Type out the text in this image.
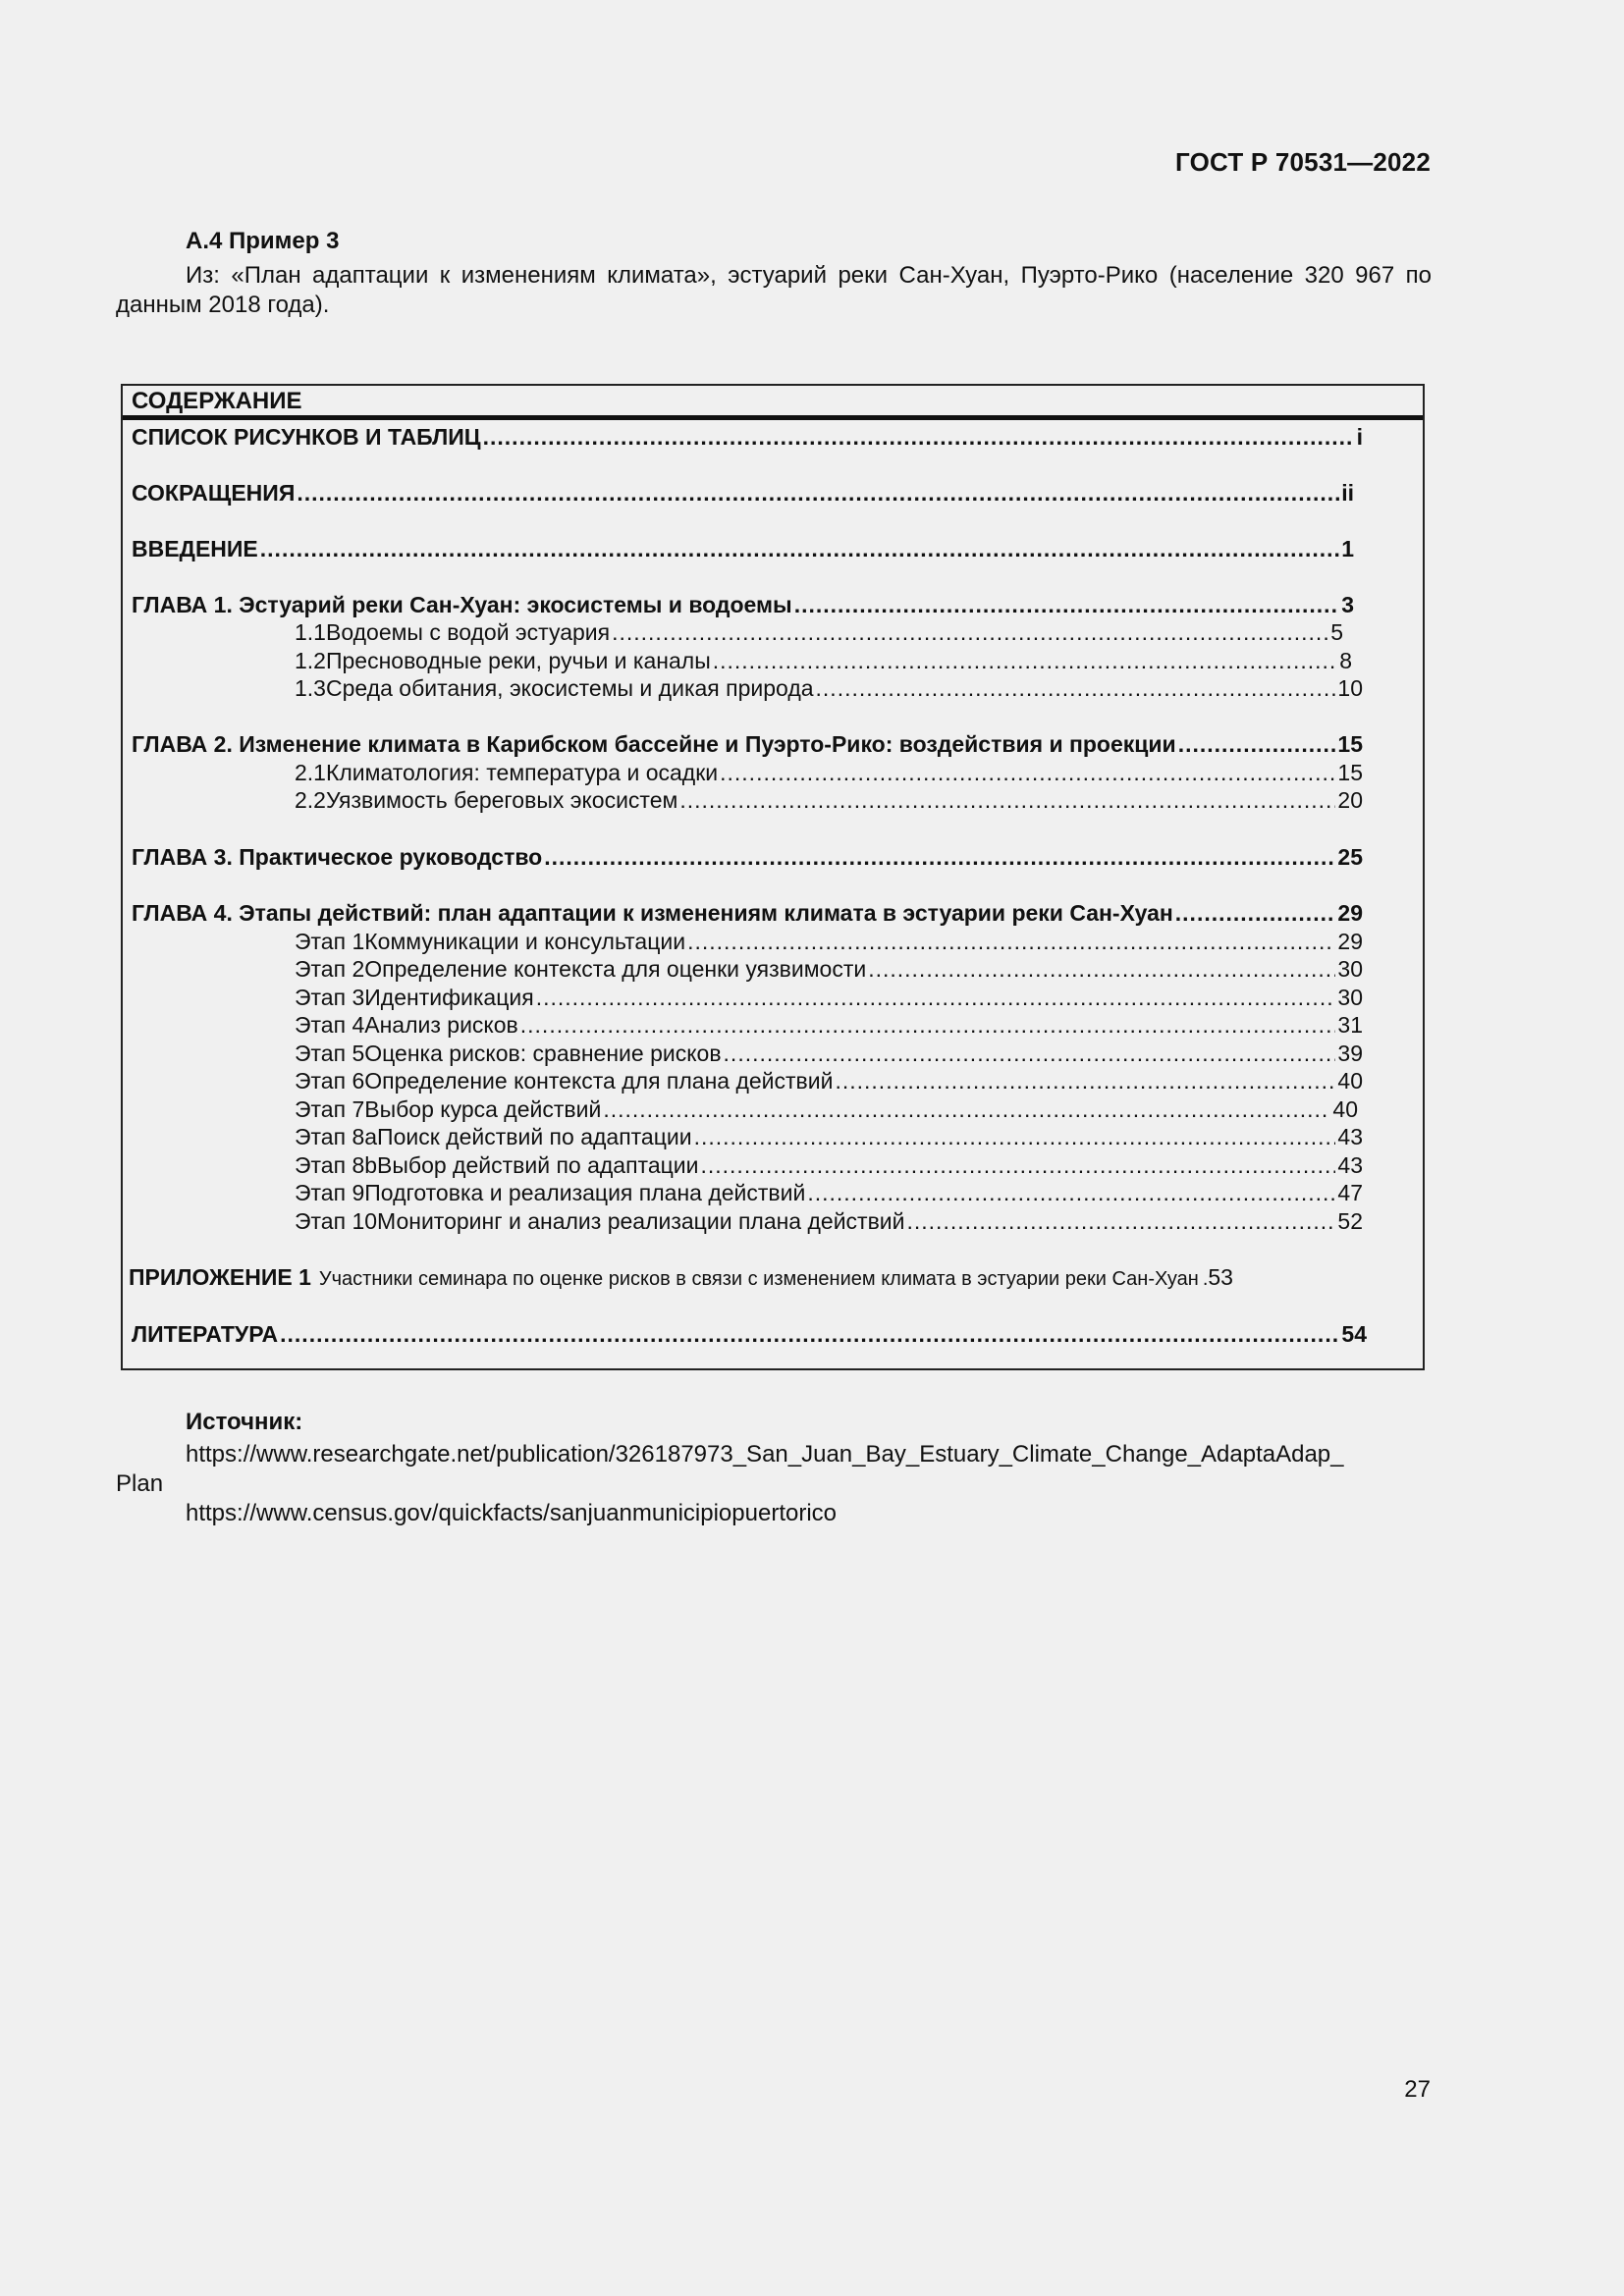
ГОСТ Р 70531—2022
А.4 Пример 3
Из: «План адаптации к изменениям климата», эстуарий реки Сан-Хуан, Пуэрто-Рико (население 320 967 по данным 2018 года).
СОДЕРЖАНИЕ
СПИСОК РИСУНКОВ И ТАБЛИЦ .....	i
СОКРАЩЕНИЯ .....	ii
ВВЕДЕНИЕ .....	1
ГЛАВА 1. Эстуарий реки Сан-Хуан: экосистемы и водоемы .....	3
1.1 Водоемы с водой эстуария .....	5
1.2 Пресноводные реки, ручьи и каналы .....	8
1.3 Среда обитания, экосистемы и дикая природа .....	10
ГЛАВА 2. Изменение климата в Карибском бассейне и Пуэрто-Рико: воздействия и проекции .....	15
2.1 Климатология: температура и осадки .....	15
2.2 Уязвимость береговых экосистем .....	20
ГЛАВА 3. Практическое руководство .....	25
ГЛАВА 4. Этапы действий: план адаптации к изменениям климата в эстуарии реки Сан-Хуан .....	29
Этап 1 Коммуникации и консультации .....	29
Этап 2 Определение контекста для оценки уязвимости .....	30
Этап 3 Идентификация .....	30
Этап 4 Анализ рисков .....	31
Этап 5 Оценка рисков: сравнение рисков .....	39
Этап 6 Определение контекста для плана действий .....	40
Этап 7 Выбор курса действий .....	40
Этап 8a Поиск действий по адаптации .....	43
Этап 8b Выбор действий по адаптации .....	43
Этап 9 Подготовка и реализация плана действий .....	47
Этап 10 Мониторинг и анализ реализации плана действий .....	52
ПРИЛОЖЕНИЕ 1 Участники семинара по оценке рисков в связи с изменением климата в эстуарии реки Сан-Хуан . 53
ЛИТЕРАТУРА .....	54
Источник:
https://www.researchgate.net/publication/326187973_San_Juan_Bay_Estuary_Climate_Change_AdaptaAdap_
Plan
https://www.census.gov/quickfacts/sanjuanmunicipiopuertorico
27
